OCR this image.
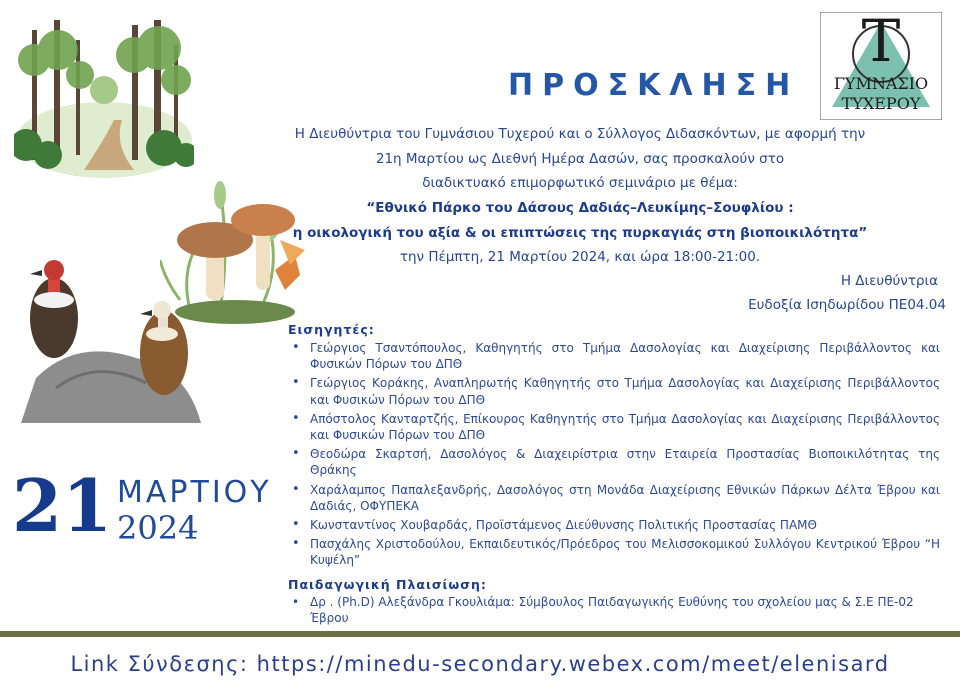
Τ
ΓΥΜΝΑΣΙΟ
ΤΥΧΕΡΟΥ
ΠΡΟΣΚΛΗΣΗ
Η Διευθύντρια του Γυμνάσιου Τυχερού και ο Σύλλογος Διδασκόντων, με αφορμή την
21η Μαρτίου ως Διεθνή Ημέρα Δασών, σας προσκαλούν στο
διαδικτυακό επιμορφωτικό σεμινάριο με θέμα:
“Εθνικό Πάρκο του Δάσους Δαδιάς–Λευκίμης–Σουφλίου :
η οικολογική του αξία & οι επιπτώσεις της πυρκαγιάς στη βιοποικιλότητα”
την Πέμπτη, 21 Μαρτίου 2024, και ώρα 18:00-21:00.
Η Διευθύντρια
Ευδοξία Ισηδωρίδου ΠΕ04.04
Εισηγητές:
• Γεώργιος Τσαντόπουλος, Καθηγητής στο Τμήμα Δασολογίας και Διαχείρισης Περιβάλλοντος και Φυσικών Πόρων του ΔΠΘ
• Γεώργιος Κοράκης, Αναπληρωτής Καθηγητής στο Τμήμα Δασολογίας και Διαχείρισης Περιβάλλοντος και Φυσικών Πόρων του ΔΠΘ
• Απόστολος Κανταρτζής, Επίκουρος Καθηγητής στο Τμήμα Δασολογίας και Διαχείρισης Περιβάλλοντος και Φυσικών Πόρων του ΔΠΘ
• Θεοδώρα Σκαρτσή, Δασολόγος & Διαχειρίστρια στην Εταιρεία Προστασίας Βιοποικιλότητας της Θράκης
• Χαράλαμπος Παπαλεξανδρής, Δασολόγος στη Μονάδα Διαχείρισης Εθνικών Πάρκων Δέλτα Έβρου και Δαδιάς, ΟΦΥΠΕΚΑ
• Κωνσταντίνος Χουβαρδάς, Προϊστάμενος Διεύθυνσης Πολιτικής Προστασίας ΠΑΜΘ
• Πασχάλης Χριστοδούλου, Εκπαιδευτικός/Πρόεδρος του Μελισσοκομικού Συλλόγου Κεντρικού Έβρου “Η Κυψέλη”
Παιδαγωγική Πλαισίωση:
• Δρ . (Ph.D) Αλεξάνδρα Γκουλιάμα: Σύμβουλος Παιδαγωγικής Ευθύνης του σχολείου μας & Σ.Ε ΠΕ-02 Έβρου
21 ΜΑΡΤΙΟΥ
2024
Link Σύνδεσης: https://minedu-secondary.webex.com/meet/elenisard
